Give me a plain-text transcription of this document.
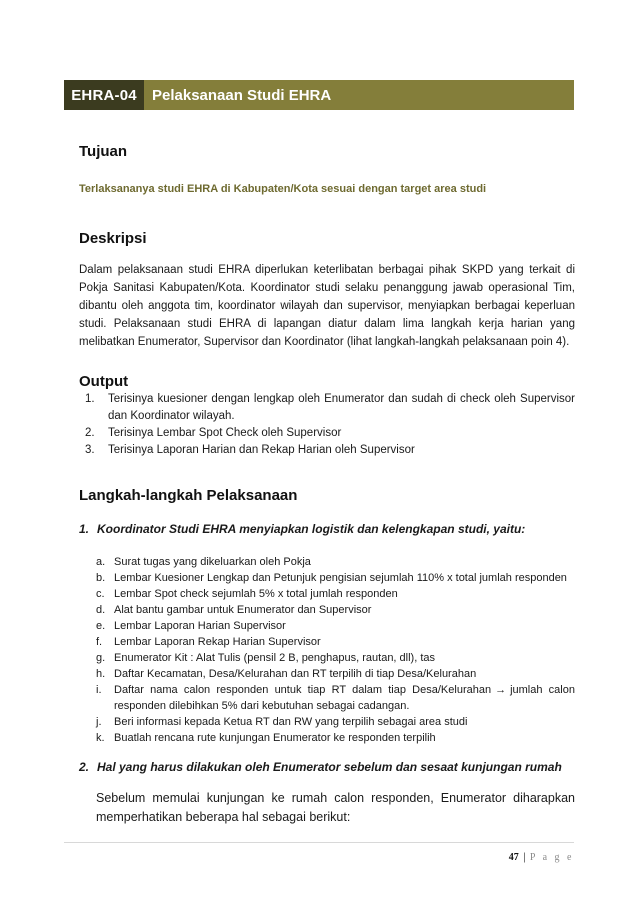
EHRA-04	Pelaksanaan Studi EHRA
Tujuan
Terlaksananya studi EHRA di Kabupaten/Kota sesuai dengan target area studi
Deskripsi
Dalam pelaksanaan studi EHRA diperlukan keterlibatan berbagai pihak SKPD yang terkait di Pokja Sanitasi Kabupaten/Kota. Koordinator studi selaku penanggung jawab operasional Tim, dibantu oleh anggota tim, koordinator wilayah dan supervisor, menyiapkan berbagai keperluan studi. Pelaksanaan studi EHRA di lapangan diatur dalam lima langkah kerja harian yang melibatkan Enumerator, Supervisor dan Koordinator (lihat langkah-langkah pelaksanaan poin 4).
Output
1.	Terisinya kuesioner dengan lengkap oleh Enumerator dan sudah di check oleh Supervisor dan Koordinator wilayah.
2.	Terisinya Lembar Spot Check oleh Supervisor
3.	Terisinya Laporan Harian dan Rekap Harian oleh Supervisor
Langkah-langkah Pelaksanaan
1. Koordinator Studi EHRA menyiapkan logistik dan kelengkapan studi, yaitu:
a. Surat tugas yang dikeluarkan oleh Pokja
b. Lembar Kuesioner Lengkap dan Petunjuk pengisian sejumlah 110% x total jumlah responden
c. Lembar Spot check sejumlah 5% x total jumlah responden
d. Alat bantu gambar untuk Enumerator dan Supervisor
e. Lembar Laporan Harian Supervisor
f.	Lembar Laporan Rekap Harian Supervisor
g. Enumerator Kit : Alat Tulis (pensil 2 B, penghapus, rautan, dll), tas
h. Daftar Kecamatan, Desa/Kelurahan dan RT terpilih di tiap Desa/Kelurahan
i.	Daftar nama calon responden untuk tiap RT dalam tiap Desa/Kelurahan → jumlah calon responden dilebihkan 5% dari kebutuhan sebagai cadangan.
j.	Beri informasi kepada Ketua RT dan RW yang terpilih sebagai area studi
k. Buatlah rencana rute kunjungan Enumerator ke responden terpilih
2. Hal yang harus dilakukan oleh Enumerator sebelum dan sesaat kunjungan rumah
Sebelum memulai kunjungan ke rumah calon responden, Enumerator diharapkan memperhatikan beberapa hal sebagai berikut:
47 | P a g e
